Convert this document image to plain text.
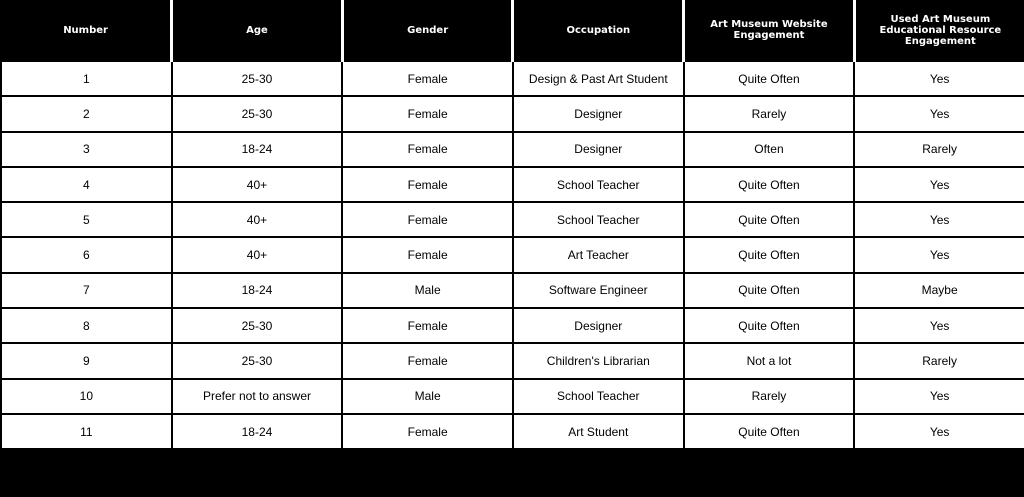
Number	Age	Gender	Occupation	Art Museum Website Engagement	Used Art Museum Educational Resource Engagement
1	25-30	Female	Design & Past Art Student	Quite Often	Yes
2	25-30	Female	Designer	Rarely	Yes
3	18-24	Female	Designer	Often	Rarely
4	40+	Female	School Teacher	Quite Often	Yes
5	40+	Female	School Teacher	Quite Often	Yes
6	40+	Female	Art Teacher	Quite Often	Yes
7	18-24	Male	Software Engineer	Quite Often	Maybe
8	25-30	Female	Designer	Quite Often	Yes
9	25-30	Female	Children's Librarian	Not a lot	Rarely
10	Prefer not to answer	Male	School Teacher	Rarely	Yes
11	18-24	Female	Art Student	Quite Often	Yes
